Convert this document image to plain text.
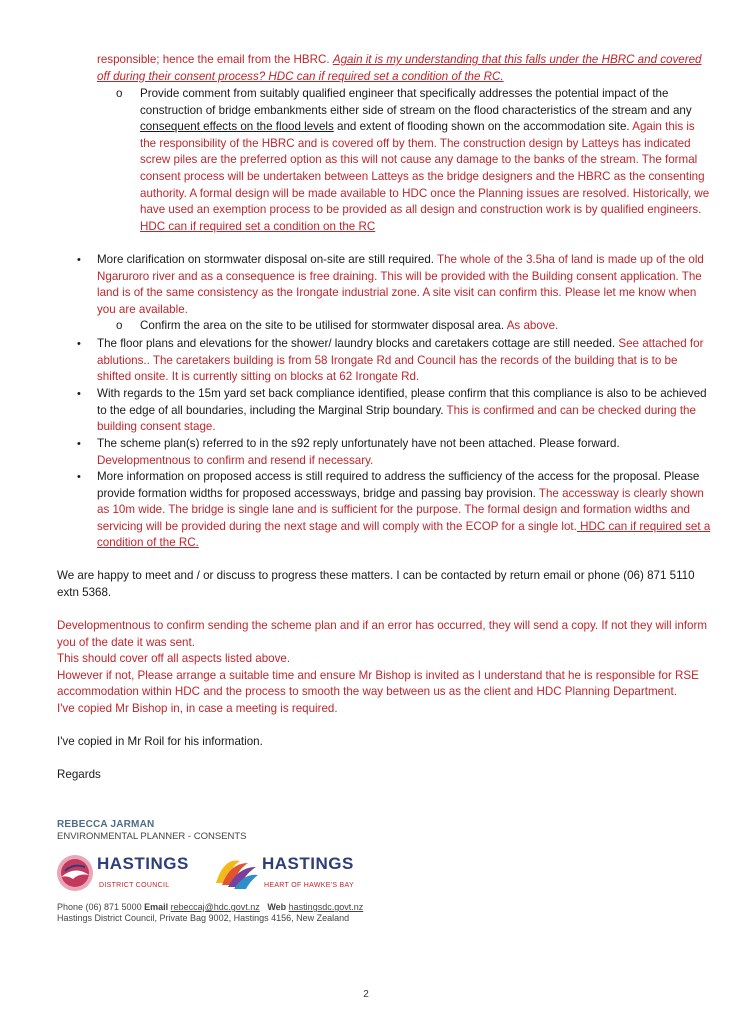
responsible; hence the email from the HBRC. Again it is my understanding that this falls under the HBRC and covered off during their consent process? HDC can if required set a condition of the RC.
o	Provide comment from suitably qualified engineer that specifically addresses the potential impact of the construction of bridge embankments either side of stream on the flood characteristics of the stream and any consequent effects on the flood levels and extent of flooding shown on the accommodation site. Again this is the responsibility of the HBRC and is covered off by them. The construction design by Latteys has indicated screw piles are the preferred option as this will not cause any damage to the banks of the stream. The formal consent process will be undertaken between Latteys as the bridge designers and the HBRC as the consenting authority. A formal design will be made available to HDC once the Planning issues are resolved. Historically, we have used an exemption process to be provided as all design and construction work is by qualified engineers. HDC can if required set a condition on the RC
• More clarification on stormwater disposal on-site are still required. The whole of the 3.5ha of land is made up of the old Ngaruroro river and as a consequence is free draining. This will be provided with the Building consent application. The land is of the same consistency as the Irongate industrial zone. A site visit can confirm this. Please let me know when you are available.
o	Confirm the area on the site to be utilised for stormwater disposal area. As above.
• The floor plans and elevations for the shower/ laundry blocks and caretakers cottage are still needed. See attached for ablutions.. The caretakers building is from 58 Irongate Rd and Council has the records of the building that is to be shifted onsite. It is currently sitting on blocks at 62 Irongate Rd.
• With regards to the 15m yard set back compliance identified, please confirm that this compliance is also to be achieved to the edge of all boundaries, including the Marginal Strip boundary. This is confirmed and can be checked during the building consent stage.
• The scheme plan(s) referred to in the s92 reply unfortunately have not been attached. Please forward. Developmentnous to confirm and resend if necessary.
• More information on proposed access is still required to address the sufficiency of the access for the proposal. Please provide formation widths for proposed accessways, bridge and passing bay provision. The accessway is clearly shown as 10m wide. The bridge is single lane and is sufficient for the purpose. The formal design and formation widths and servicing will be provided during the next stage and will comply with the ECOP for a single lot. HDC can if required set a condition of the RC.
We are happy to meet and / or discuss to progress these matters. I can be contacted by return email or phone (06) 871 5110 extn 5368.
Developmentnous to confirm sending the scheme plan and if an error has occurred, they will send a copy. If not they will inform you of the date it was sent.
This should cover off all aspects listed above.
However if not, Please arrange a suitable time and ensure Mr Bishop is invited as I understand that he is responsible for RSE accommodation within HDC and the process to smooth the way between us as the client and HDC Planning Department.
I've copied Mr Bishop in, in case a meeting is required.
I've copied in Mr Roil for his information.
Regards
REBECCA JARMAN
ENVIRONMENTAL PLANNER - CONSENTS
HASTINGS
DISTRICT COUNCIL
HASTINGS
HEART OF HAWKE'S BAY
Phone (06) 871 5000 Email rebeccaj@hdc.govt.nz Web hastingsdc.govt.nz
Hastings District Council, Private Bag 9002, Hastings 4156, New Zealand
2
